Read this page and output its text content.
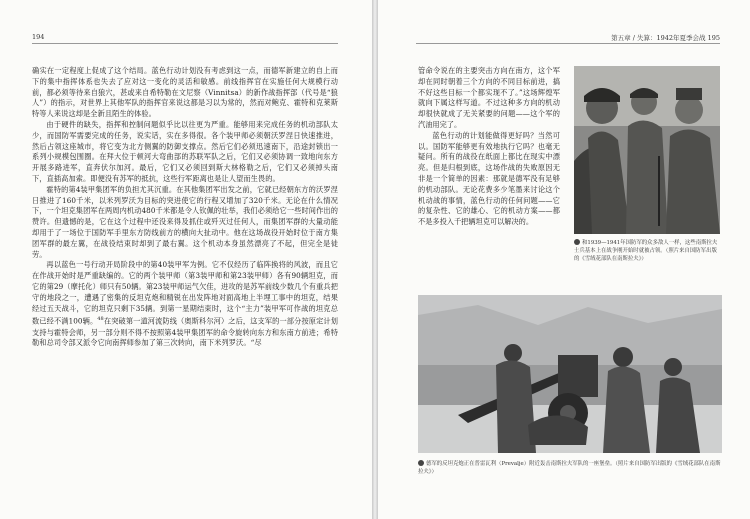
194

确实在一定程度上促成了这个结局。蓝色行动计划没有考虑到这一点，而德军新建立的自上而下的集中指挥体系也失去了应对这一变化的灵活和敏感。前线指挥官在实施任何大规模行动前，都必须等待来自狼穴，甚或来自希特勒在文尼察（Vinnitsa）的新作战指挥部（代号是“狼人”）的指示，对世界上其他军队的指挥官来说这都是习以为常的，然而对鲍克、霍特和克莱斯特等人来说这却是全新且陌生的体验。

由于硬件的缺失，指挥和控制问题似乎比以往更为严重。能够用来完成任务的机动部队太少，而国防军需要完成的任务，说实话，实在多得很。各个装甲师必须朝沃罗涅日快速推进，然后占领这座城市，将它变为北方侧翼的防御支撑点。然后它们必须迅速南下，沿途封锁出一系列小规模包围圈。在拜大位于顿河大弯曲部的苏联军队之后，它们又必须协调一致地向东方开展多路进军，直奔伏尔加河。最后，它们又必须回到斯大林格勒之后，它们又必须掉头南下，直插高加索。即便没有苏军的抵抗，这些行军距离也是让人望而生畏的。

霍特的第4装甲集团军的负担尤其沉重。在其他集团军出发之前，它就已经朝东方的沃罗涅日推进了160千米，以米列罗沃为目标的突进使它的行程又增加了320千米。无论在什么情况下，一个坦克集团军在两周内机动480千米都是令人钦佩的壮举，我们必须给它一些时间作出的赞许。但遗憾的是，它在这个过程中还没来得及抓住或歼灭过任何人，而集团军群的大量动能却用于了一场位于国防军手里东方防线前方的横向大扯动中。他在这场战役开始时位于南方集团军群的最左翼，在战役结束时却到了最右翼。这个机动本身虽然漂亮了不起，但完全是徒劳。

再以蓝色一号行动开局阶段中的第40装甲军为例。它不仅经历了临阵换将的风波，而且它在作战开始时是严重缺编的。它的两个装甲师（第3装甲师和第23装甲师）各有90辆坦克，而它的第29（摩托化）师只有50辆。第23装甲师运气欠佳，进攻的是苏军前线少数几个有重兵把守的地段之一，遭遇了密集的反坦克炮和精锐在出发阵地对面高地上半埋工事中的坦克，结果经过五天战斗，它的坦克只剩下35辆。到第一星期结束时，这个“主力”装甲军可作战的坦克总数已经不满100辆。$^{48}$在突破第一道河流防线（奥斯科尔河）之后，这支军的一部分按原定计划支持与霍特会师，另一部分则不得不按照第4装甲集团军的命令旋转向东方和东南方前进；希特勒和总司令部又派令它向南挥师参加了第三次转向，南下米列罗沃。“尽

第五章 / 失算：1942年夏季会战 195

管命令说在的主要突击方向在南方，这个军却在同时朝着三个方向的不同目标前进，搞不好这些目标一个都实现不了。”这场辉煌军就向下属这样写道。不过这种多方向的机动却很快就成了无关紧要的问题——这个军的汽油用完了。

蓝色行动的计划能做得更好吗？当然可以。国防军能够更有效地执行它吗？也毫无疑问。所有的战役在纸面上都比在现实中漂亮。但是归根到底，这场作战的失败原因无非是一个简单的因素：那就是德军没有足够的机动部队。无论花费多少笔墨来讨论这个机动战的事情，蓝色行动的任何问题——它的复杂性、它的雄心、它的机动方案——都不是多投入千把辆坦克可以解决的。

和1939—1941年国防军的众多敌人一样，这些南斯拉夫士兵基本上在战争刚开始时就被占领。（照片来自国防军出版的《雪绒花部队在南斯拉夫》）
德军的反坦克炮正在普雷瓦利（Prevalje）附近轰击南斯拉夫军队的一座堡垒。（照片来自国防军出版的《雪绒花部队在南斯拉夫》）
